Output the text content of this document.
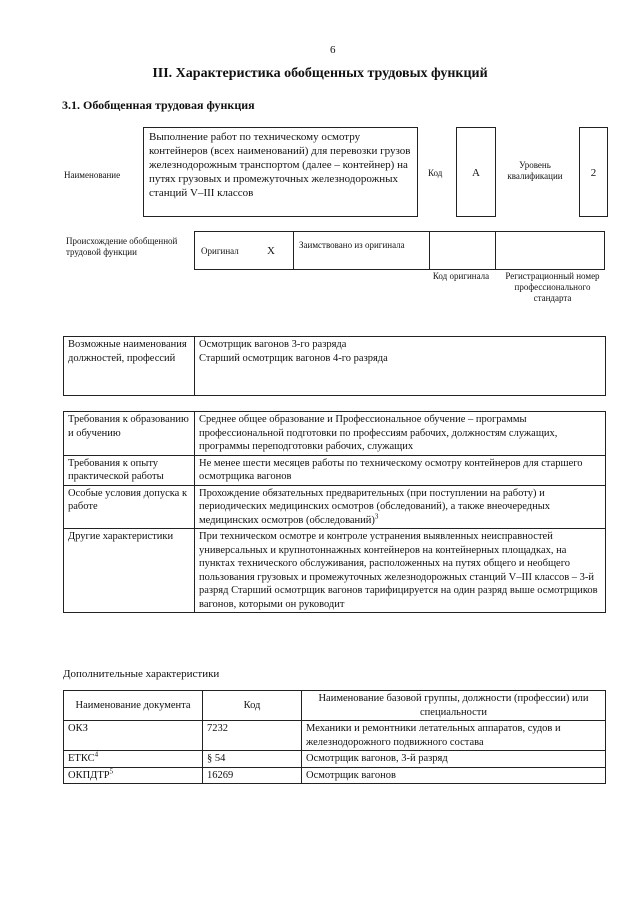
6
III. Характеристика обобщенных трудовых функций
3.1. Обобщенная трудовая функция
Наименование
Выполнение работ по техническому осмотру контейнеров (всех наименований) для перевозки грузов железнодорожным транспортом (далее – контейнер) на путях грузовых и промежуточных железнодорожных станций V–III классов
Код	A
Уровень квалификации	2
Происхождение обобщенной трудовой функции	Оригинал	X	Заимствовано из оригинала
Код оригинала	Регистрационный номер профессионального стандарта
Возможные наименования должностей, профессий	
Осмотрщик вагонов 3-го разряда
Старший осмотрщик вагонов 4-го разряда
Требования к образованию и обучению	Среднее общее образование и Профессиональное обучение – программы профессиональной подготовки по профессиям рабочих, должностям служащих, программы переподготовки рабочих, служащих
Требования к опыту практической работы	Не менее шести месяцев работы по техническому осмотру контейнеров для старшего осмотрщика вагонов
Особые условия допуска к работе	Прохождение обязательных предварительных (при поступлении на работу) и периодических медицинских осмотров (обследований), а также внеочередных медицинских осмотров (обследований)$^3$
Другие характеристики	При техническом осмотре и контроле устранения выявленных неисправностей универсальных и крупнотоннажных контейнеров на контейнерных площадках, на пунктах технического обслуживания, расположенных на путях общего и необщего пользования грузовых и промежуточных железнодорожных станций V–III классов – 3-й разряд Старший осмотрщик вагонов тарифицируется на один разряд выше осмотрщиков вагонов, которыми он руководит
Дополнительные характеристики
Наименование документа	Код	Наименование базовой группы, должности (профессии) или специальности
ОКЗ	7232	Механики и ремонтники летательных аппаратов, судов и железнодорожного подвижного состава
ЕТКС$^4$	§ 54	Осмотрщик вагонов, 3-й разряд
ОКПДТР$^5$	16269	Осмотрщик вагонов
